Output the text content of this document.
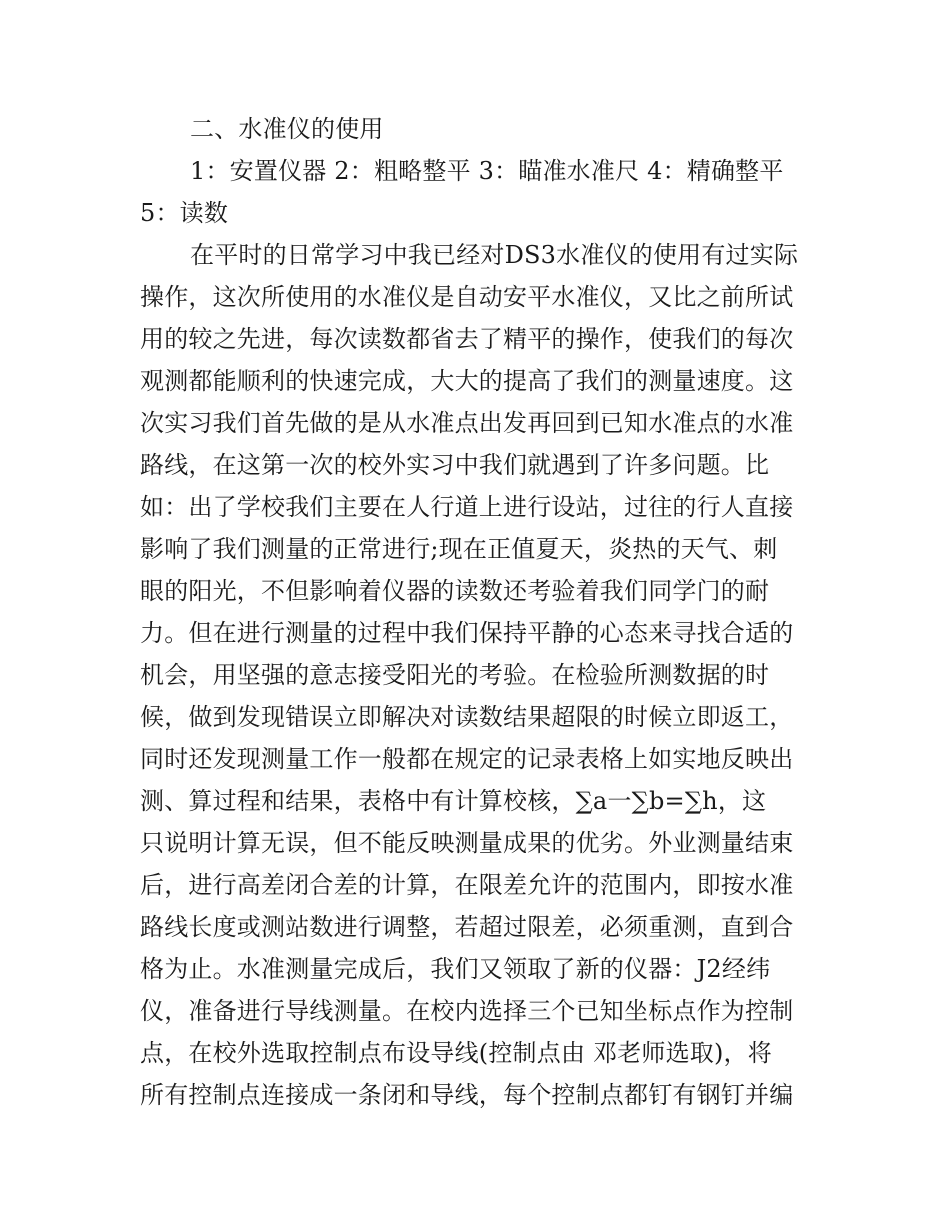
二、水准仪的使用
1：安置仪器 2：粗略整平 3：瞄准水准尺 4：精确整平
5：读数
在平时的日常学习中我已经对DS3水准仪的使用有过实际
操作，这次所使用的水准仪是自动安平水准仪，又比之前所试
用的较之先进，每次读数都省去了精平的操作，使我们的每次
观测都能顺利的快速完成，大大的提高了我们的测量速度。这
次实习我们首先做的是从水准点出发再回到已知水准点的水准
路线，在这第一次的校外实习中我们就遇到了许多问题。比
如：出了学校我们主要在人行道上进行设站，过往的行人直接
影响了我们测量的正常进行;现在正值夏天，炎热的天气、刺
眼的阳光，不但影响着仪器的读数还考验着我们同学门的耐
力。但在进行测量的过程中我们保持平静的心态来寻找合适的
机会，用坚强的意志接受阳光的考验。在检验所测数据的时
候，做到发现错误立即解决对读数结果超限的时候立即返工，
同时还发现测量工作一般都在规定的记录表格上如实地反映出
测、算过程和结果，表格中有计算校核，∑a一∑b=∑h，这
只说明计算无误，但不能反映测量成果的优劣。外业测量结束
后，进行高差闭合差的计算，在限差允许的范围内，即按水准
路线长度或测站数进行调整，若超过限差，必须重测，直到合
格为止。水准测量完成后，我们又领取了新的仪器：J2经纬
仪，准备进行导线测量。在校内选择三个已知坐标点作为控制
点，在校外选取控制点布设导线(控制点由 邓老师选取)，将
所有控制点连接成一条闭和导线，每个控制点都钉有钢钉并编
